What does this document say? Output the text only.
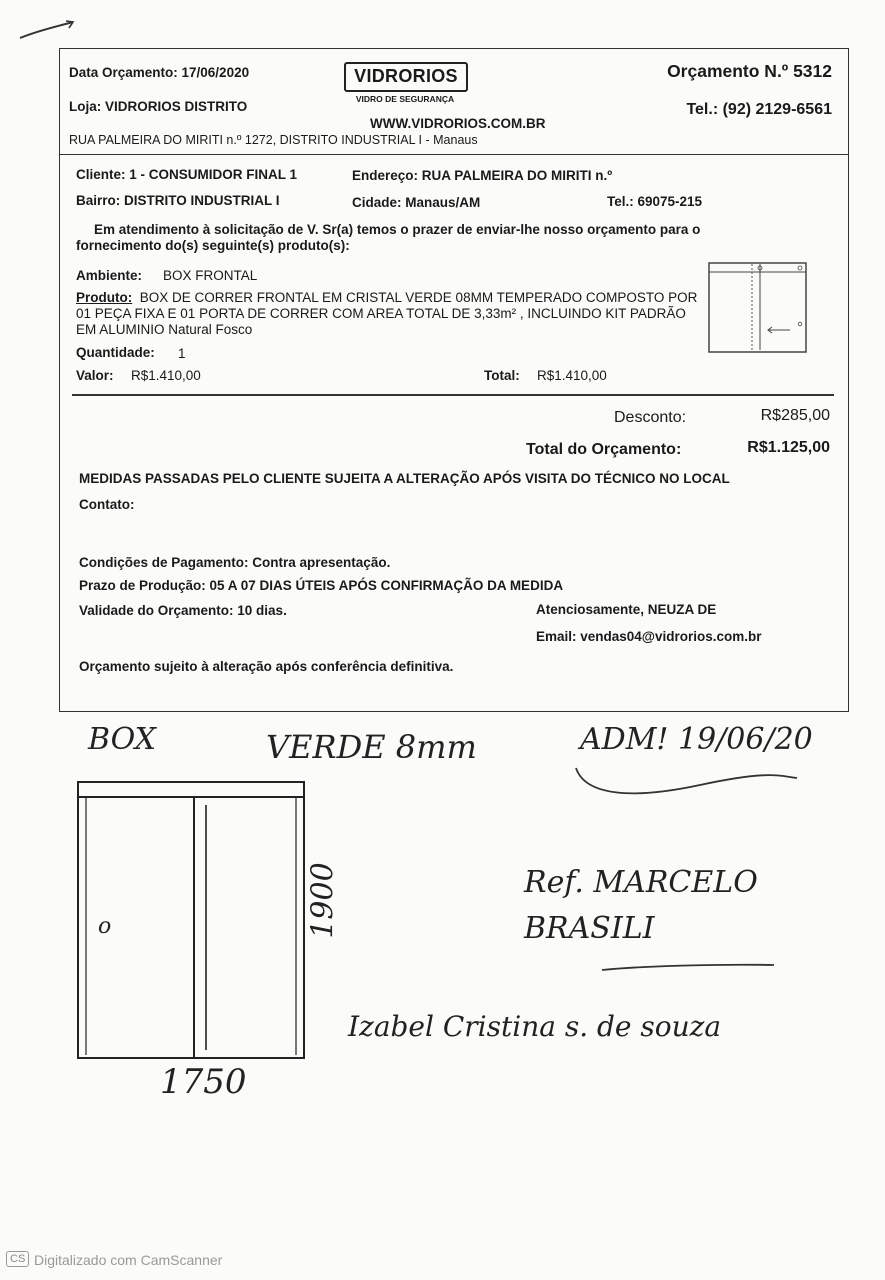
Data Orçamento: 17/06/2020
Loja: VIDRORIOS DISTRITO
VIDRORIOS
VIDRO DE SEGURANÇA
WWW.VIDRORIOS.COM.BR
RUA PALMEIRA DO MIRITI n.º 1272, DISTRITO INDUSTRIAL I - Manaus
Orçamento N.º 5312
Tel.: (92) 2129-6561
Cliente: 1 - CONSUMIDOR FINAL 1	Endereço: RUA PALMEIRA DO MIRITI n.º
Bairro: DISTRITO INDUSTRIAL I	Cidade: Manaus/AM	Tel.: 69075-215
Em atendimento à solicitação de V. Sr(a) temos o prazer de enviar-lhe nosso orçamento para o fornecimento do(s) seguinte(s) produto(s):
Ambiente: BOX FRONTAL
Produto: BOX DE CORRER FRONTAL EM CRISTAL VERDE 08MM TEMPERADO COMPOSTO POR 01 PEÇA FIXA E 01 PORTA DE CORRER COM AREA TOTAL DE 3,33m² , INCLUINDO KIT PADRÃO EM ALUMINIO Natural Fosco
Quantidade: 1
Valor: R$1.410,00	Total: R$1.410,00
Desconto:	R$285,00
Total do Orçamento:	R$1.125,00
MEDIDAS PASSADAS PELO CLIENTE SUJEITA A ALTERAÇÃO APÓS VISITA DO TÉCNICO NO LOCAL
Contato:
Condições de Pagamento: Contra apresentação.
Prazo de Produção: 05 A 07 DIAS ÚTEIS APÓS CONFIRMAÇÃO DA MEDIDA
Validade do Orçamento: 10 dias.	Atenciosamente, NEUZA DE
Email: vendas04@vidrorios.com.br
Orçamento sujeito à alteração após conferência definitiva.
BOX	VERDE 8mm	ADM! 19/06/20
o	1900
1750
Ref. MARCELO BRASILI
Izabel Cristina s. de souza
CS Digitalizado com CamScanner
